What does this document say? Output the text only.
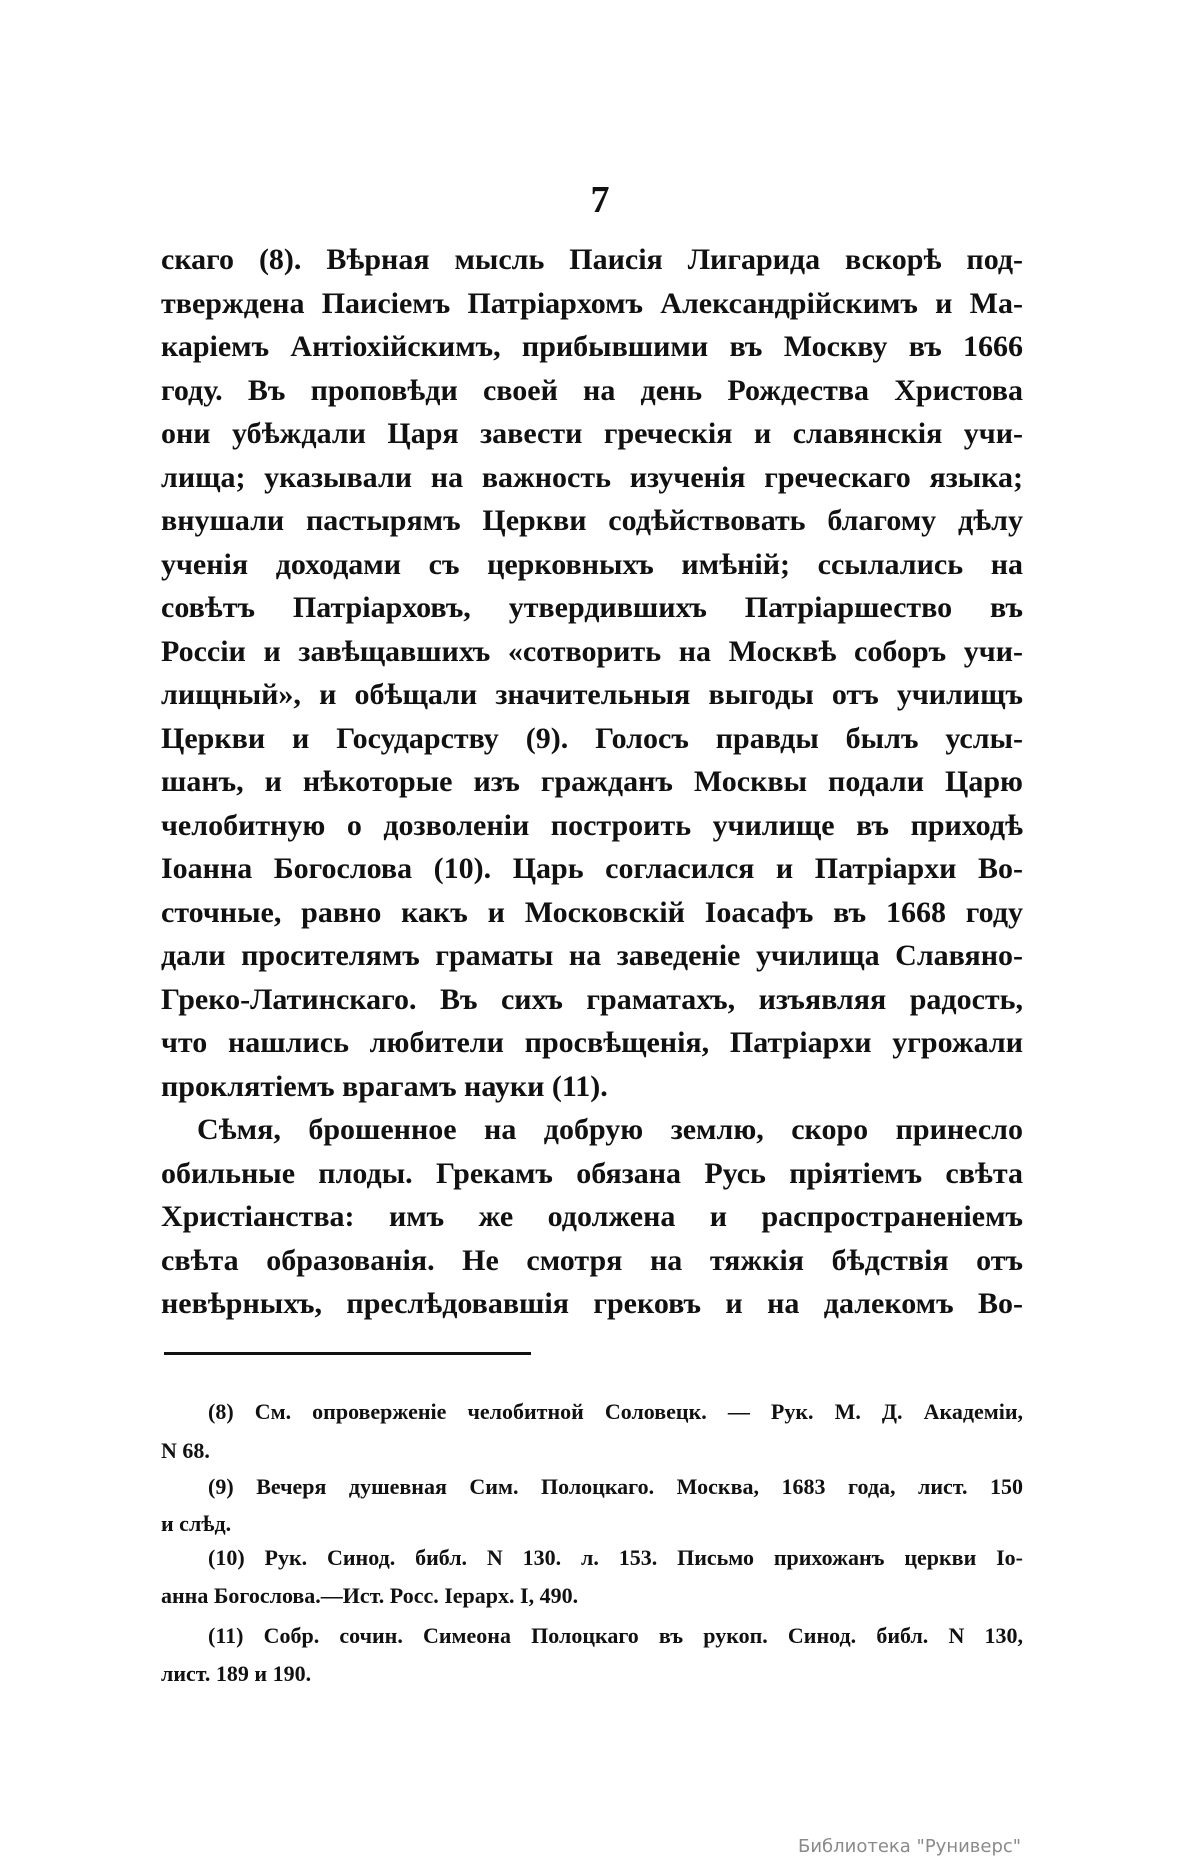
7
скаго (8). Вѣрная мысль Паисія Лигарида вскорѣ под-
тверждена Паисіемъ Патріархомъ Александрійскимъ и Ма-
каріемъ Антіохійскимъ, прибывшими въ Москву въ 1666
году. Въ проповѣди своей на день Рождества Христова
они убѣждали Царя завести греческія и славянскія учи-
лища; указывали на важность изученія греческаго языка;
внушали пастырямъ Церкви содѣйствовать благому дѣлу
ученія доходами съ церковныхъ имѣній; ссылались на
совѣтъ Патріарховъ, утвердившихъ Патріаршество въ
Россіи и завѣщавшихъ «сотворить на Москвѣ соборъ учи-
лищный», и обѣщали значительныя выгоды отъ училищъ
Церкви и Государству (9). Голосъ правды былъ услы-
шанъ, и нѣкоторые изъ гражданъ Москвы подали Царю
челобитную о дозволеніи построить училище въ приходѣ
Іоанна Богослова (10). Царь согласился и Патріархи Во-
сточные, равно какъ и Московскій Іоасафъ въ 1668 году
дали просителямъ граматы на заведеніе училища Славяно-
Греко-Латинскаго. Въ сихъ граматахъ, изъявляя радость,
что нашлись любители просвѣщенія, Патріархи угрожали
проклятіемъ врагамъ науки (11).
Сѣмя, брошенное на добрую землю, скоро принесло
обильные плоды. Грекамъ обязана Русь пріятіемъ свѣта
Христіанства: имъ же одолжена и распространеніемъ
свѣта образованія. Не смотря на тяжкія бѣдствія отъ
невѣрныхъ, преслѣдовавшія грековъ и на далекомъ Во-
(8) См. опроверженіе челобитной Соловецк. — Рук. М. Д. Академіи,
N 68.
(9) Вечеря душевная Сим. Полоцкаго. Москва, 1683 года, лист. 150
и слѣд.
(10) Рук. Синод. библ. N 130. л. 153. Письмо прихожанъ церкви Іо-
анна Богослова.—Ист. Росс. Іерарх. I, 490.
(11) Собр. сочин. Симеона Полоцкаго въ рукоп. Синод. библ. N 130,
лист. 189 и 190.
Библиотека "Руниверс"
